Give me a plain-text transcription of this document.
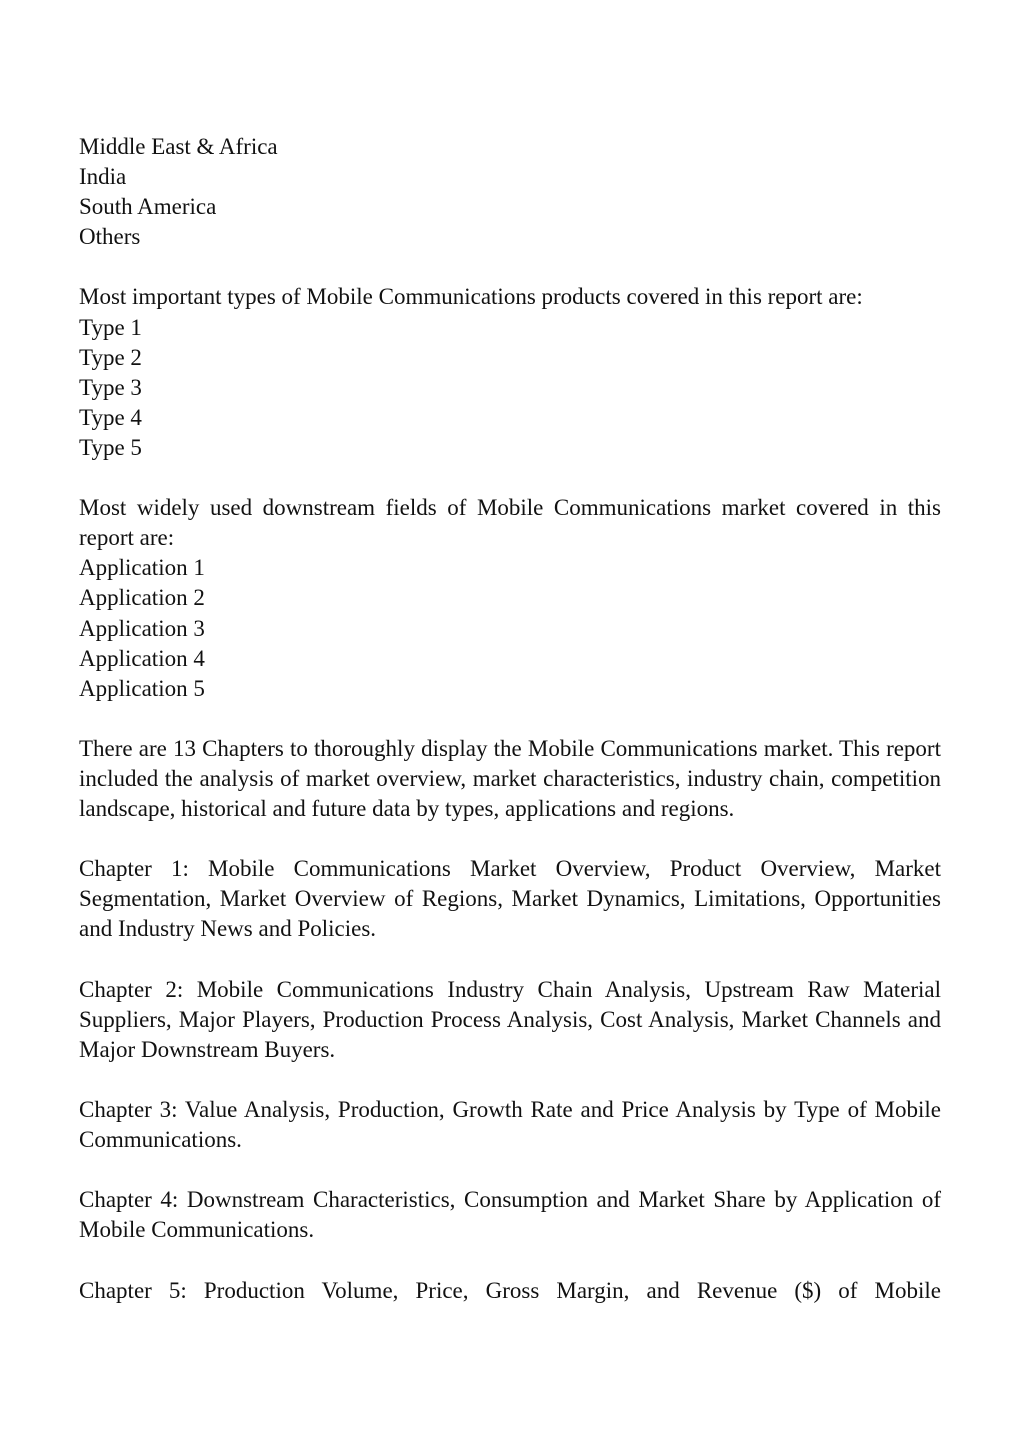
Middle East & Africa
India
South America
Others
Most important types of Mobile Communications products covered in this report are:
Type 1
Type 2
Type 3
Type 4
Type 5

Most widely used downstream fields of Mobile Communications market covered in this report are:

Application 1
Application 2
Application 3
Application 4
Application 5

There are 13 Chapters to thoroughly display the Mobile Communications market. This report included the analysis of market overview, market characteristics, industry chain, competition landscape, historical and future data by types, applications and regions.

Chapter 1: Mobile Communications Market Overview, Product Overview, Market Segmentation, Market Overview of Regions, Market Dynamics, Limitations, Opportunities and Industry News and Policies.

Chapter 2: Mobile Communications Industry Chain Analysis, Upstream Raw Material Suppliers, Major Players, Production Process Analysis, Cost Analysis, Market Channels and Major Downstream Buyers.

Chapter 3: Value Analysis, Production, Growth Rate and Price Analysis by Type of Mobile Communications.

Chapter 4: Downstream Characteristics, Consumption and Market Share by Application of Mobile Communications.

Chapter 5: Production Volume, Price, Gross Margin, and Revenue ($) of Mobile
